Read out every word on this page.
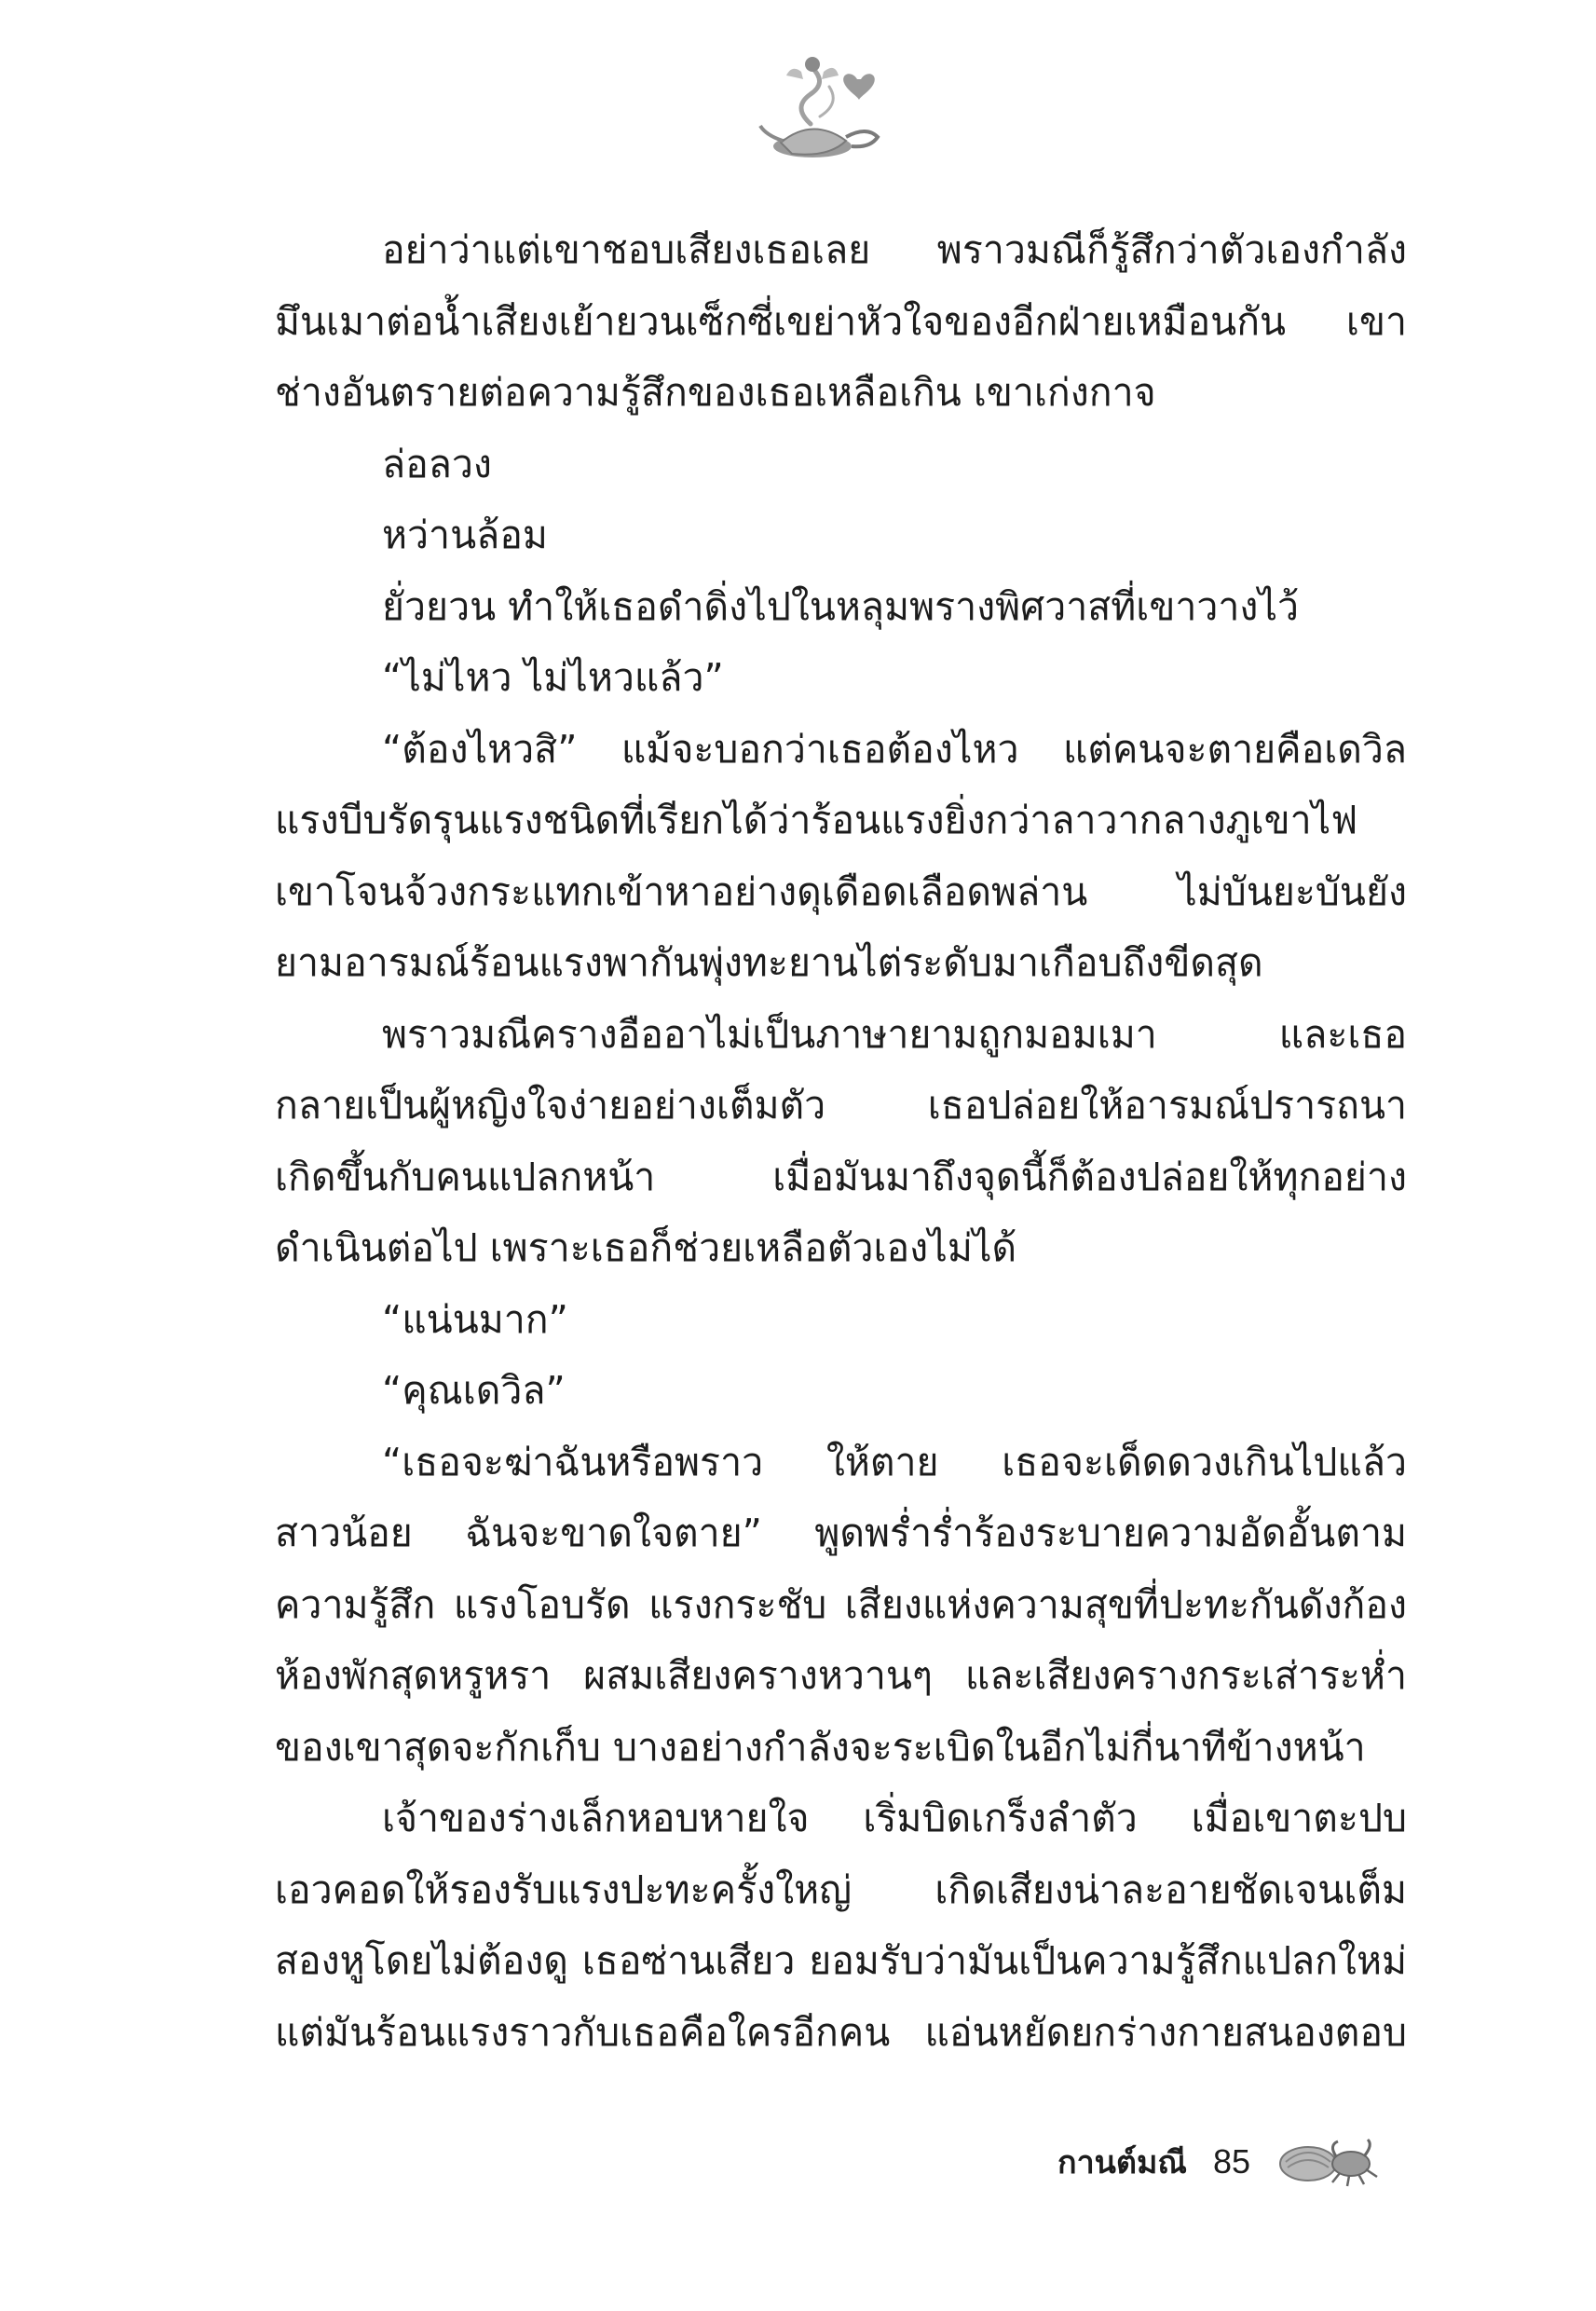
อย่าว่าแต่เขาชอบเสียงเธอเลย พราวมณีก็รู้สึกว่าตัวเองกำลัง
มึนเมาต่อน้ำเสียงเย้ายวนเซ็กซี่เขย่าหัวใจของอีกฝ่ายเหมือนกัน เขา
ช่างอันตรายต่อความรู้สึกของเธอเหลือเกิน เขาเก่งกาจ
ล่อลวง
หว่านล้อม
ยั่วยวน ทำให้เธอดำดิ่งไปในหลุมพรางพิศวาสที่เขาวางไว้
“ไม่ไหว ไม่ไหวแล้ว”
“ต้องไหวสิ” แม้จะบอกว่าเธอต้องไหว แต่คนจะตายคือเดวิล
แรงบีบรัดรุนแรงชนิดที่เรียกได้ว่าร้อนแรงยิ่งกว่าลาวากลางภูเขาไฟ
เขาโจนจ้วงกระแทกเข้าหาอย่างดุเดือดเลือดพล่าน ไม่บันยะบันยัง
ยามอารมณ์ร้อนแรงพากันพุ่งทะยานไต่ระดับมาเกือบถึงขีดสุด
พราวมณีครางอืออาไม่เป็นภาษายามถูกมอมเมา และเธอ
กลายเป็นผู้หญิงใจง่ายอย่างเต็มตัว เธอปล่อยให้อารมณ์ปรารถนา
เกิดขึ้นกับคนแปลกหน้า เมื่อมันมาถึงจุดนี้ก็ต้องปล่อยให้ทุกอย่าง
ดำเนินต่อไป เพราะเธอก็ช่วยเหลือตัวเองไม่ได้
“แน่นมาก”
“คุณเดวิล”
“เธอจะฆ่าฉันหรือพราว ให้ตาย เธอจะเด็ดดวงเกินไปแล้ว
สาวน้อย ฉันจะขาดใจตาย” พูดพร่ำร่ำร้องระบายความอัดอั้นตาม
ความรู้สึก แรงโอบรัด แรงกระชับ เสียงแห่งความสุขที่ปะทะกันดังก้อง
ห้องพักสุดหรูหรา ผสมเสียงครางหวานๆ และเสียงครางกระเส่าระห่ำ
ของเขาสุดจะกักเก็บ บางอย่างกำลังจะระเบิดในอีกไม่กี่นาทีข้างหน้า
เจ้าของร่างเล็กหอบหายใจ เริ่มบิดเกร็งลำตัว เมื่อเขาตะปบ
เอวคอดให้รองรับแรงปะทะครั้งใหญ่ เกิดเสียงน่าละอายชัดเจนเต็ม
สองหูโดยไม่ต้องดู เธอซ่านเสียว ยอมรับว่ามันเป็นความรู้สึกแปลกใหม่
แต่มันร้อนแรงราวกับเธอคือใครอีกคน แอ่นหยัดยกร่างกายสนองตอบ
กานต์มณี 85
